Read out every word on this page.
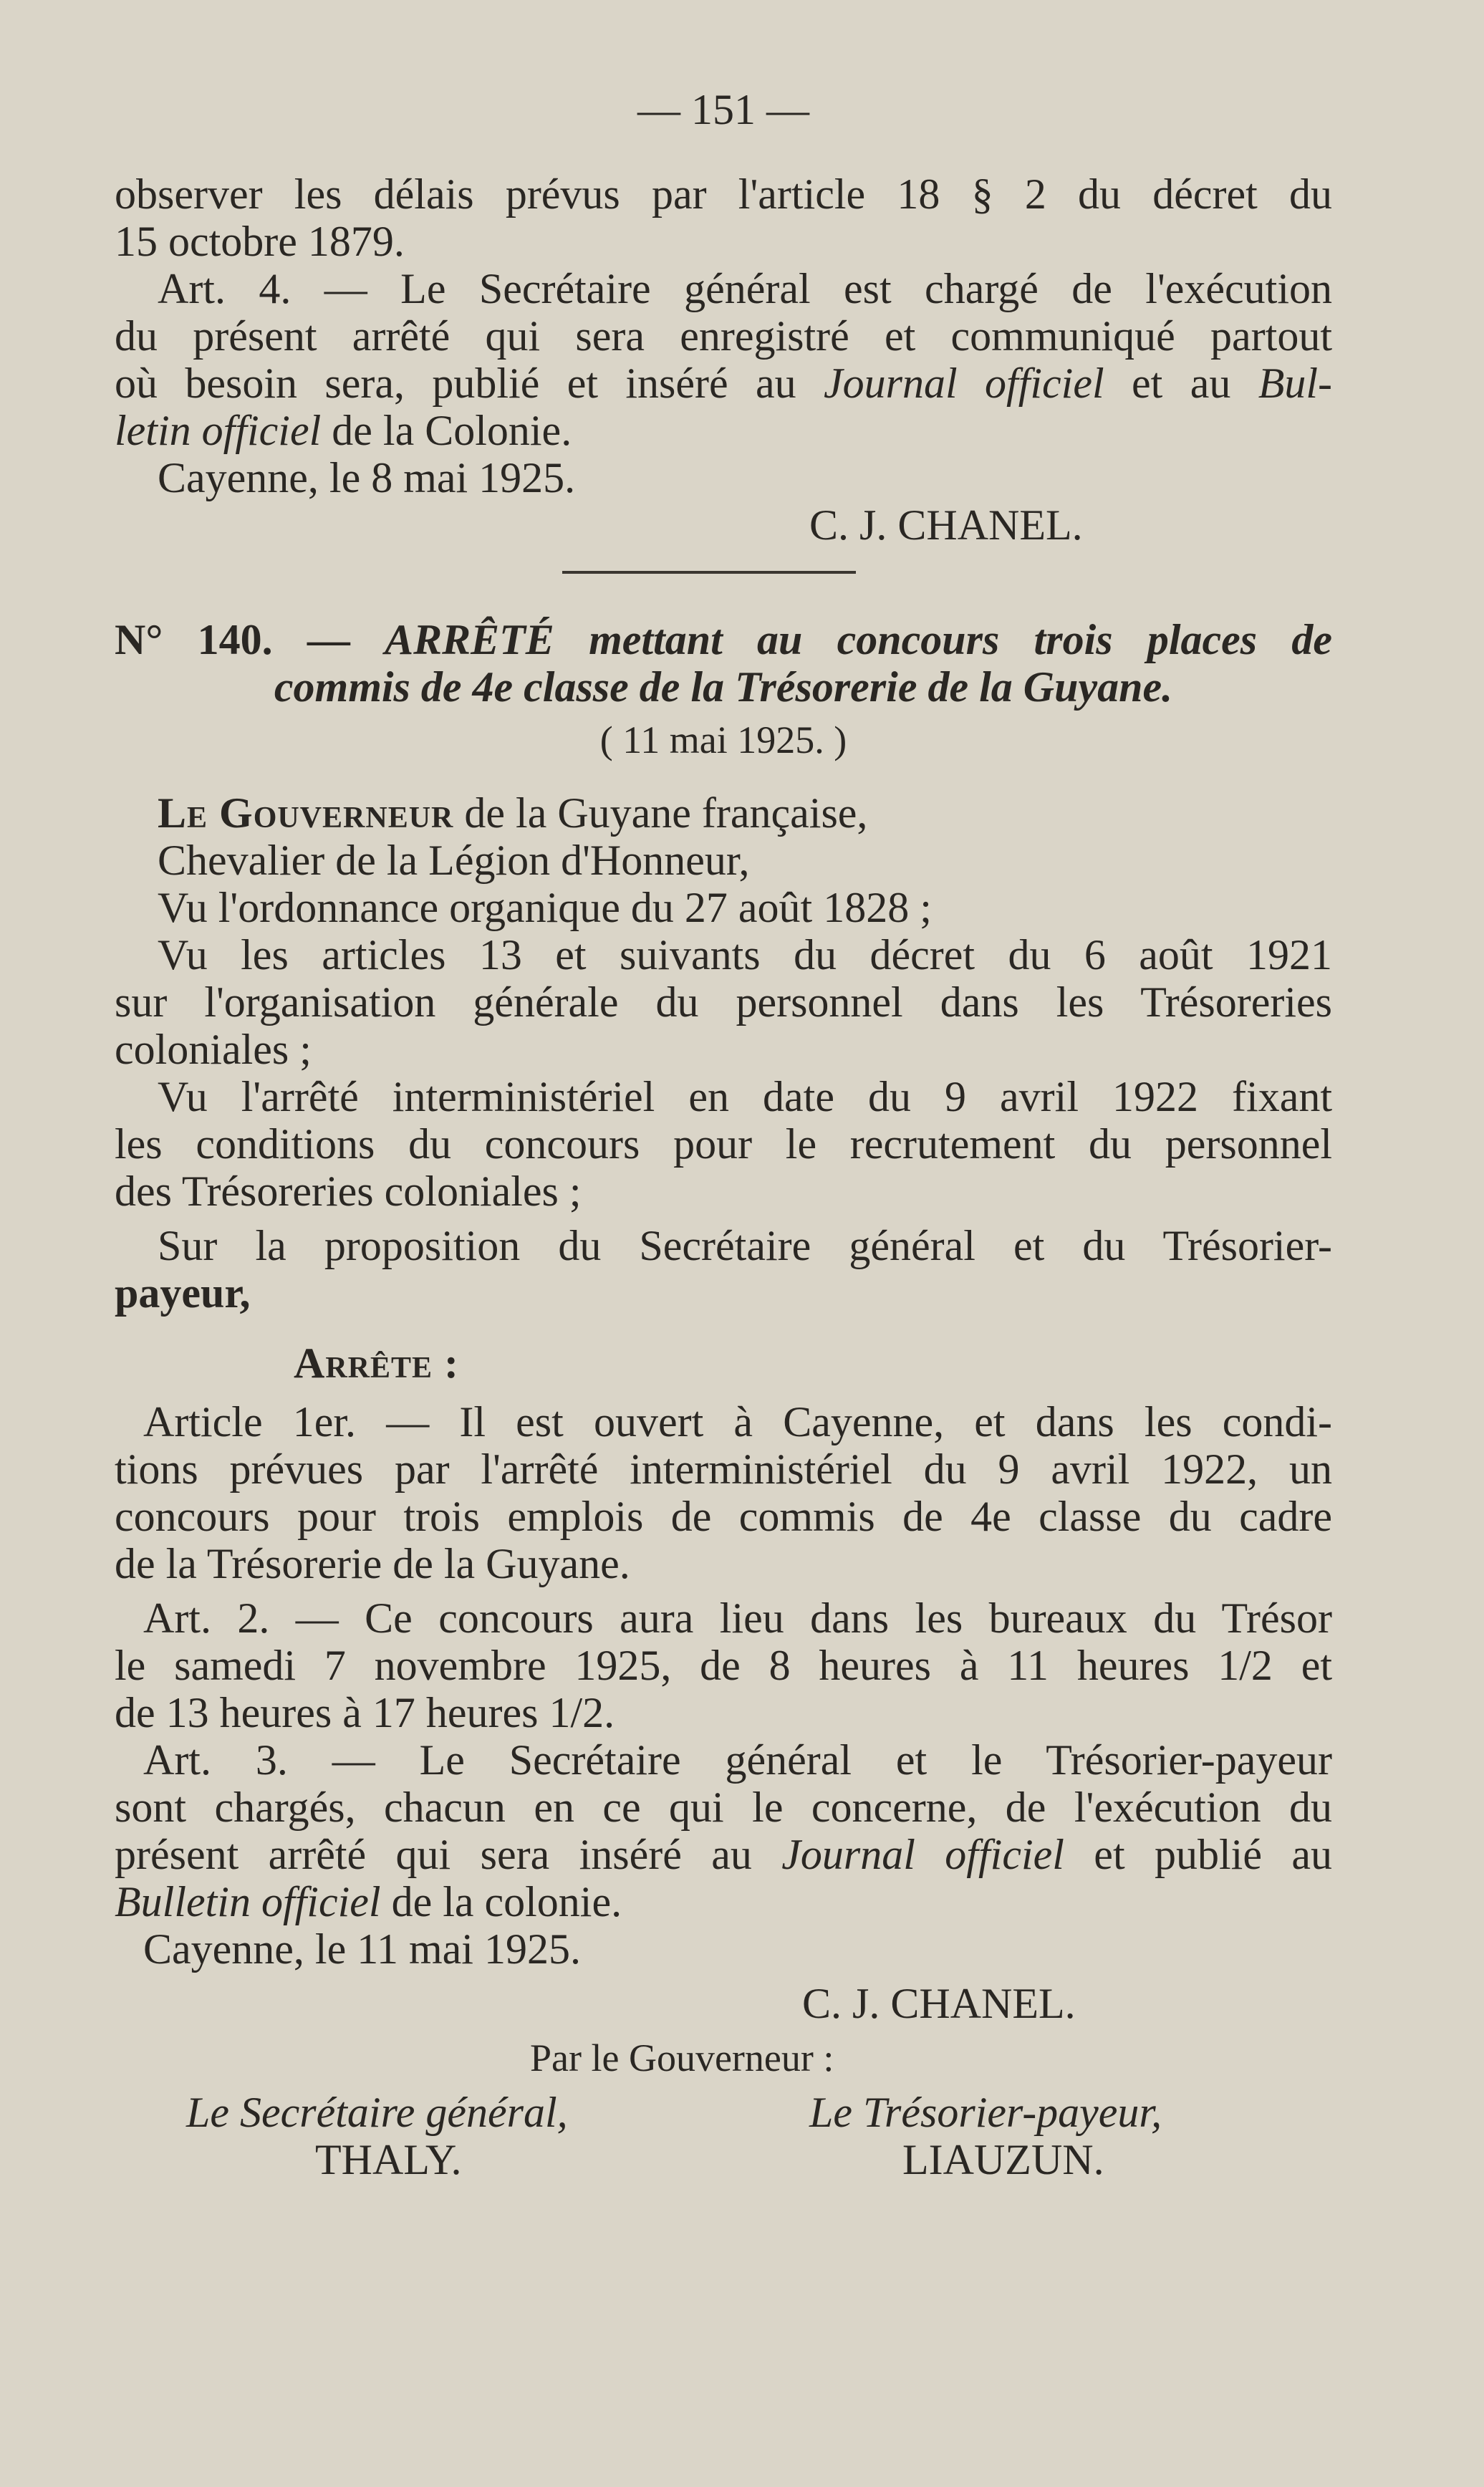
— 151 —
observer les délais prévus par l'article 18 § 2 du décret du
15 octobre 1879.
Art. 4. — Le Secrétaire général est chargé de l'exécution
du présent arrêté qui sera enregistré et communiqué partout
où besoin sera, publié et inséré au Journal officiel et au Bul-
letin officiel de la Colonie.
Cayenne, le 8 mai 1925.
C. J. CHANEL.
N° 140. — ARRÊTÉ mettant au concours trois places de
commis de 4e classe de la Trésorerie de la Guyane.
( 11 mai 1925. )
Le Gouverneur de la Guyane française,
Chevalier de la Légion d'Honneur,
Vu l'ordonnance organique du 27 août 1828 ;
Vu les articles 13 et suivants du décret du 6 août 1921
sur l'organisation générale du personnel dans les Trésoreries
coloniales ;
Vu l'arrêté interministériel en date du 9 avril 1922 fixant
les conditions du concours pour le recrutement du personnel
des Trésoreries coloniales ;
Sur la proposition du Secrétaire général et du Trésorier-
payeur,
Arrête :
Article 1er. — Il est ouvert à Cayenne, et dans les condi-
tions prévues par l'arrêté interministériel du 9 avril 1922, un
concours pour trois emplois de commis de 4e classe du cadre
de la Trésorerie de la Guyane.
Art. 2. — Ce concours aura lieu dans les bureaux du Trésor
le samedi 7 novembre 1925, de 8 heures à 11 heures 1/2 et
de 13 heures à 17 heures 1/2.
Art. 3. — Le Secrétaire général et le Trésorier-payeur
sont chargés, chacun en ce qui le concerne, de l'exécution du
présent arrêté qui sera inséré au Journal officiel et publié au
Bulletin officiel de la colonie.
Cayenne, le 11 mai 1925.
C. J. CHANEL.
Par le Gouverneur :
Le Secrétaire général,
THALY.
Le Trésorier-payeur,
LIAUZUN.
